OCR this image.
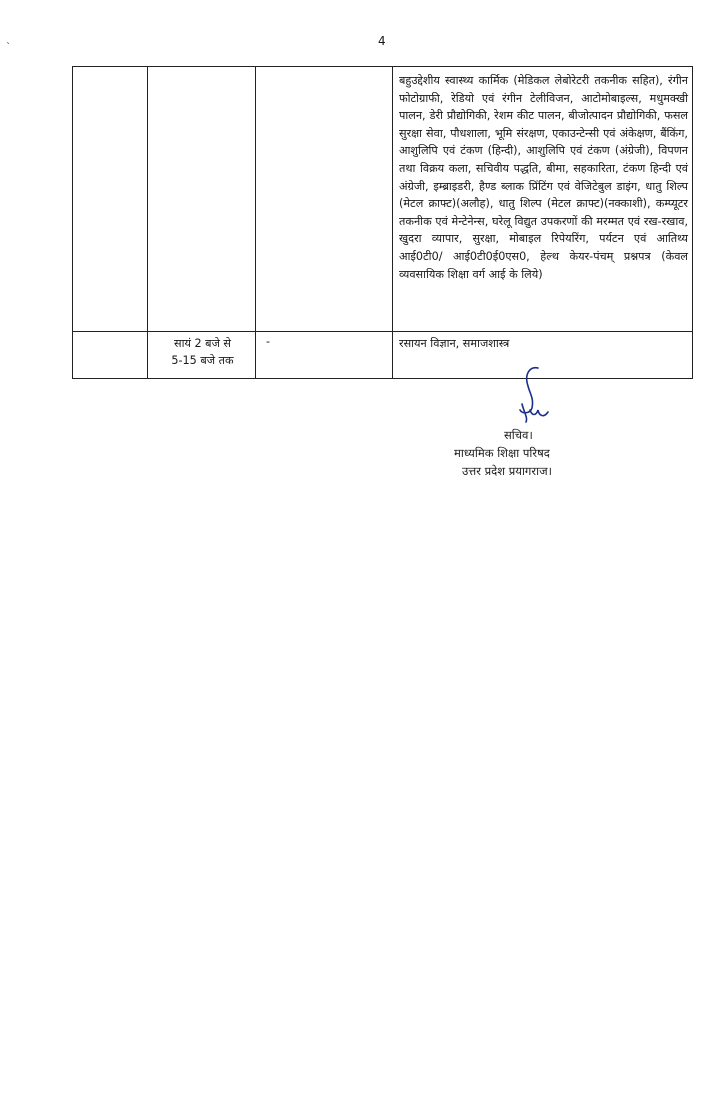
`	4

			बहुउद्देशीय स्वास्थ्य कार्मिक (मेडिकल लेबोरेटरी तकनीक सहित), रंगीन फोटोग्राफी, रेडियो एवं रंगीन टेलीविजन, आटोमोबाइल्स, मधुमक्खी पालन, डेरी प्रौद्योगिकी, रेशम कीट पालन, बीजोत्पादन प्रौद्योगिकी, फसल सुरक्षा सेवा, पौधशाला, भूमि संरक्षण, एकाउन्टेन्सी एवं अंकेक्षण, बैंकिंग, आशुलिपि एवं टंकण (हिन्दी), आशुलिपि एवं टंकण (अंग्रेजी), विपणन तथा विक्रय कला, सचिवीय पद्धति, बीमा, सहकारिता, टंकण हिन्दी एवं अंग्रेजी, इम्ब्राइडरी, हैण्ड ब्लाक प्रिंटिंग एवं वेजिटेबुल डाइंग, धातु शिल्प (मेटल क्राफ्ट)(अलौह), धातु शिल्प (मेटल क्राफ्ट)(नक्काशी), कम्प्यूटर तकनीक एवं मेन्टेनेन्स, घरेलू विद्युत उपकरणों की मरम्मत एवं रख-रखाव, खुदरा व्यापार, सुरक्षा, मोबाइल रिपेयरिंग, पर्यटन एवं आतिथ्य आई0टी0/ आई0टी0ई0एस0, हेल्थ केयर-पंचम् प्रश्नपत्र (केवल व्यवसायिक शिक्षा वर्ग आई के लिये)

	सायं 2 बजे से
5-15 बजे तक	-	रसायन विज्ञान, समाजशास्त्र
सचिव।
माध्यमिक शिक्षा परिषद
उत्तर प्रदेश प्रयागराज।
